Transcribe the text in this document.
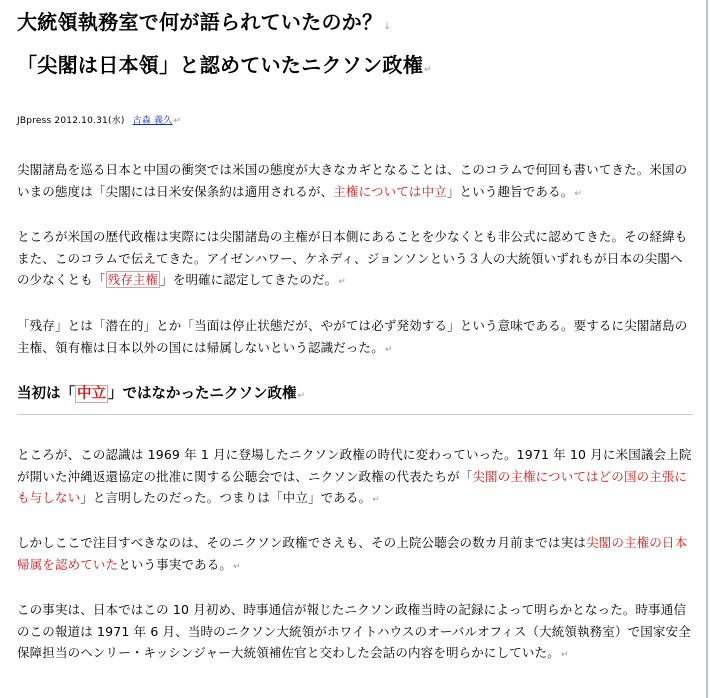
大統領執務室で何が語られていたのか？↓
「尖閣は日本領」と認めていたニクソン政権↵
JBpress 2012.10.31(水) 古森 義久↵

尖閣諸島を巡る日本と中国の衝突では米国の態度が大きなカギとなることは、このコラムで何回も書いてきた。米国のいまの態度は「尖閣には日米安保条約は適用されるが、主権については中立」という趣旨である。↵

ところが米国の歴代政権は実際には尖閣諸島の主権が日本側にあることを少なくとも非公式に認めてきた。その経緯もまた、このコラムで伝えてきた。アイゼンハワー、ケネディ、ジョンソンという３人の大統領いずれもが日本の尖閣への少なくとも「 残存主権 」を明確に認定してきたのだ。↵

「残存」とは「潜在的」とか「当面は停止状態だが、やがては必ず発効する」という意味である。要するに尖閣諸島の主権、領有権は日本以外の国には帰属しないという認識だった。↵

当初は「 中立 」ではなかったニクソン政権↵

ところが、この認識は 1969 年 1 月に登場したニクソン政権の時代に変わっていった。1971 年 10 月に米国議会上院が開いた沖縄返還協定の批准に関する公聴会では、ニクソン政権の代表たちが「尖閣の主権についてはどの国の主張にも与しない」と言明したのだった。つまりは「中立」である。↵

しかしここで注目すべきなのは、そのニクソン政権でさえも、その上院公聴会の数カ月前までは実は尖閣の主権の日本帰属を認めていたという事実である。↵

この事実は、日本ではこの 10 月初め、時事通信が報じたニクソン政権当時の記録によって明らかとなった。時事通信のこの報道は 1971 年 6 月、当時のニクソン大統領がホワイトハウスのオーバルオフィス（大統領執務室）で国家安全保障担当のヘンリー・キッシンジャー大統領補佐官と交わした会話の内容を明らかにしていた。↵
